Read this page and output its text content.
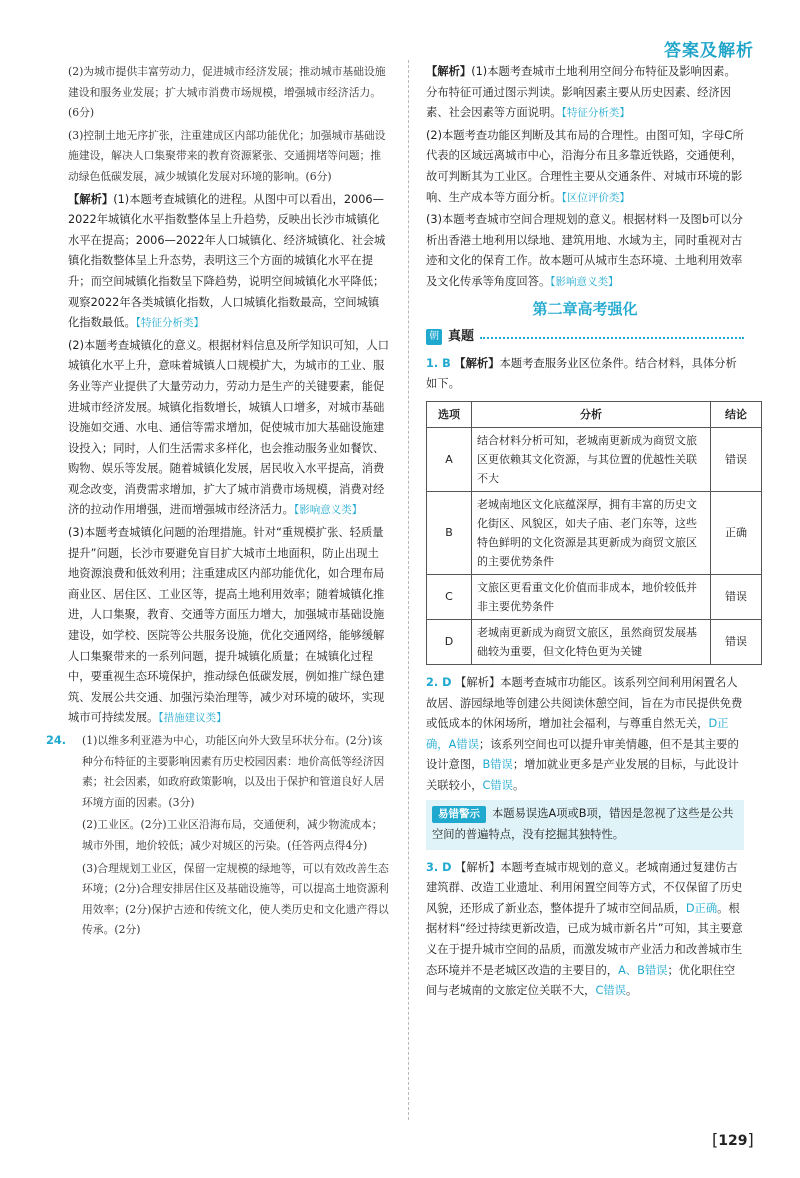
答案及解析

(2)为城市提供丰富劳动力，促进城市经济发展；推动城市基础设施建设和服务业发展；扩大城市消费市场规模，增强城市经济活力。(6分)

(3)控制土地无序扩张，注重建成区内部功能优化；加强城市基础设施建设，解决人口集聚带来的教育资源紧张、交通拥堵等问题；推动绿色低碳发展，减少城镇化发展对环境的影响。(6分)

【解析】(1)本题考查城镇化的进程。从图中可以看出，2006—2022年城镇化水平指数整体呈上升趋势，反映出长沙市城镇化水平在提高；2006—2022年人口城镇化、经济城镇化、社会城镇化指数整体呈上升态势，表明这三个方面的城镇化水平在提升；而空间城镇化指数呈下降趋势，说明空间城镇化水平降低；观察2022年各类城镇化指数，人口城镇化指数最高，空间城镇化指数最低。【特征分析类】

(2)本题考查城镇化的意义。根据材料信息及所学知识可知，人口城镇化水平上升，意味着城镇人口规模扩大，为城市的工业、服务业等产业提供了大量劳动力，劳动力是生产的关键要素，能促进城市经济发展。城镇化指数增长，城镇人口增多，对城市基础设施如交通、水电、通信等需求增加，促使城市加大基础设施建设投入；同时，人们生活需求多样化，也会推动服务业如餐饮、购物、娱乐等发展。随着城镇化发展，居民收入水平提高，消费观念改变，消费需求增加，扩大了城市消费市场规模，消费对经济的拉动作用增强，进而增强城市经济活力。【影响意义类】

(3)本题考查城镇化问题的治理措施。针对“重规模扩张、轻质量提升”问题，长沙市要避免盲目扩大城市土地面积，防止出现土地资源浪费和低效利用；注重建成区内部功能优化，如合理布局商业区、居住区、工业区等，提高土地利用效率；随着城镇化推进，人口集聚，教育、交通等方面压力增大，加强城市基础设施建设，如学校、医院等公共服务设施，优化交通网络，能够缓解人口集聚带来的一系列问题，提升城镇化质量；在城镇化过程中，要重视生态环境保护，推动绿色低碳发展，例如推广绿色建筑、发展公共交通、加强污染治理等，减少对环境的破坏，实现城市可持续发展。【措施建议类】

24. (1)以维多利亚港为中心，功能区向外大致呈环状分布。(2分)该种分布特征的主要影响因素有历史校园因素：地价高低等经济因素；社会因素，如政府政策影响，以及出于保护和管道良好人居环境方面的因素。(3分)

(2)工业区。(2分)工业区沿海布局，交通便利，减少物流成本；城市外围，地价较低；减少对城区的污染。(任答两点得4分)

(3)合理规划工业区，保留一定规模的绿地等，可以有效改善生态环境；(2分)合理安排居住区及基础设施等，可以提高土地资源利用效率；(2分)保护古迹和传统文化，使人类历史和文化遗产得以传承。(2分)

【解析】(1)本题考查城市土地利用空间分布特征及影响因素。分布特征可通过图示判读。影响因素主要从历史因素、经济因素、社会因素等方面说明。【特征分析类】

(2)本题考查功能区判断及其布局的合理性。由图可知，字母C所代表的区域远离城市中心，沿海分布且多靠近铁路，交通便利，故可判断其为工业区。合理性主要从交通条件、对城市环境的影响、生产成本等方面分析。【区位评价类】

(3)本题考查城市空间合理规划的意义。根据材料一及图b可以分析出香港土地利用以绿地、建筑用地、水域为主，同时重视对古迹和文化的保育工作。故本题可从城市生态环境、土地利用效率及文化传承等角度回答。【影响意义类】

第二章高考强化
朝 真题

1. B 【解析】本题考查服务业区位条件。结合材料，具体分析如下。

选项	分析	结论
A	结合材料分析可知，老城南更新成为商贸文旅区更依赖其文化资源，与其位置的优越性关联不大	错误
B	老城南地区文化底蕴深厚，拥有丰富的历史文化街区、风貌区，如夫子庙、老门东等，这些特色鲜明的文化资源是其更新成为商贸文旅区的主要优势条件	正确
C	文旅区更看重文化价值而非成本，地价较低并非主要优势条件	错误
D	老城南更新成为商贸文旅区，虽然商贸发展基础较为重要，但文化特色更为关键	错误

2. D 【解析】本题考查城市功能区。该系列空间利用闲置名人故居、游园绿地等创建公共阅读休憩空间，旨在为市民提供免费或低成本的休闲场所，增加社会福利，与尊重自然无关，D正确，A错误；该系列空间也可以提升审美情趣，但不是其主要的设计意图，B错误；增加就业更多是产业发展的目标，与此设计关联较小，C错误。

易错警示 本题易误选A项或B项，错因是忽视了这些是公共空间的普遍特点，没有挖掘其独特性。

3. D 【解析】本题考查城市规划的意义。老城南通过复建仿古建筑群、改造工业遗址、利用闲置空间等方式，不仅保留了历史风貌，还形成了新业态，整体提升了城市空间品质，D正确。根据材料“经过持续更新改造，已成为城市新名片”可知，其主要意义在于提升城市空间的品质，而激发城市产业活力和改善城市生态环境并不是老城区改造的主要目的，A、B错误；优化职住空间与老城南的文旅定位关联不大，C错误。

[129]
